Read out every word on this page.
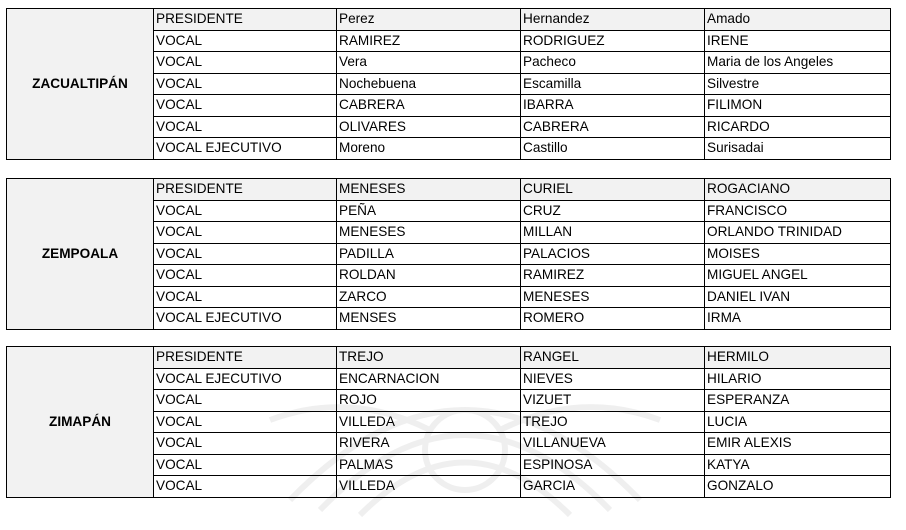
ZACUALTIPÁN	PRESIDENTE	Perez	Hernandez	Amado
	VOCAL	RAMIREZ	RODRIGUEZ	IRENE
	VOCAL	Vera	Pacheco	Maria de los Angeles
	VOCAL	Nochebuena	Escamilla	Silvestre
	VOCAL	CABRERA	IBARRA	FILIMON
	VOCAL	OLIVARES	CABRERA	RICARDO
	VOCAL EJECUTIVO	Moreno	Castillo	Surisadai
ZEMPOALA	PRESIDENTE	MENESES	CURIEL	ROGACIANO
	VOCAL	PEÑA	CRUZ	FRANCISCO
	VOCAL	MENESES	MILLAN	ORLANDO TRINIDAD
	VOCAL	PADILLA	PALACIOS	MOISES
	VOCAL	ROLDAN	RAMIREZ	MIGUEL ANGEL
	VOCAL	ZARCO	MENESES	DANIEL IVAN
	VOCAL EJECUTIVO	MENSES	ROMERO	IRMA
ZIMAPÁN	PRESIDENTE	TREJO	RANGEL	HERMILO
	VOCAL EJECUTIVO	ENCARNACION	NIEVES	HILARIO
	VOCAL	ROJO	VIZUET	ESPERANZA
	VOCAL	VILLEDA	TREJO	LUCIA
	VOCAL	RIVERA	VILLANUEVA	EMIR ALEXIS
	VOCAL	PALMAS	ESPINOSA	KATYA
	VOCAL	VILLEDA	GARCIA	GONZALO
